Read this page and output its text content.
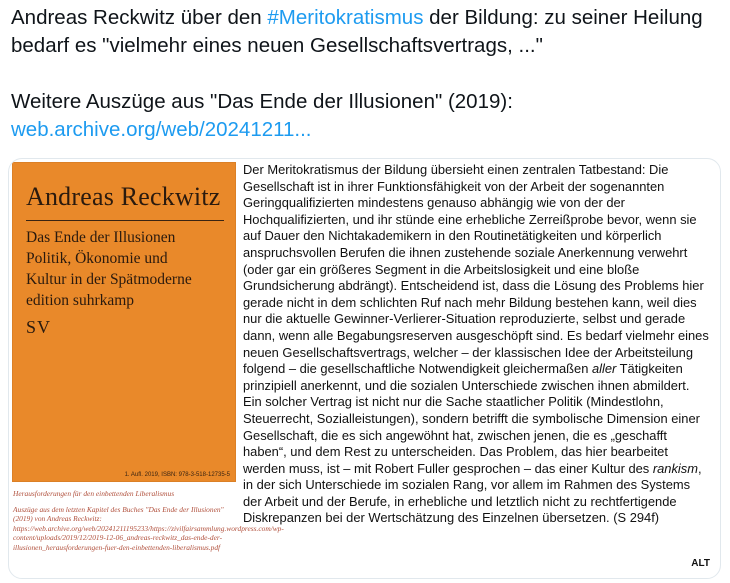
Andreas Reckwitz über den #Meritokratismus der Bildung: zu seiner Heilung bedarf es "vielmehr eines neuen Gesellschaftsvertrags, ..."

Weitere Auszüge aus "Das Ende der Illusionen" (2019): web.archive.org/web/20241211...

Andreas Reckwitz
Das Ende der Illusionen
Politik, Ökonomie und
Kultur in der Spätmoderne
edition suhrkamp
SV
1. Aufl. 2019, ISBN: 978-3-518-12735-5

Herausforderungen für den einbettenden Liberalismus

Auszüge aus dem letzten Kapitel des Buches "Das Ende der Illusionen" (2019) von Andreas Reckwitz: https://web.archive.org/web/20241211195233/https://zivilfairsammlung.wordpress.com/wp-content/uploads/2019/12/2019-12-06_andreas-reckwitz_das-ende-der-illusionen_herausforderungen-fuer-den-einbettenden-liberalismus.pdf

Der Meritokratismus der Bildung übersieht einen zentralen Tatbestand: Die Gesellschaft ist in ihrer Funktionsfähigkeit von der Arbeit der sogenannten Geringqualifizierten mindestens genauso abhängig wie von der der Hochqualifizierten, und ihr stünde eine erhebliche Zerreißprobe bevor, wenn sie auf Dauer den Nichtakademikern in den Routinetätigkeiten und körperlich anspruchsvollen Berufen die ihnen zustehende soziale Anerkennung verwehrt (oder gar ein größeres Segment in die Arbeitslosigkeit und eine bloße Grundsicherung abdrängt). Entscheidend ist, dass die Lösung des Problems hier gerade nicht in dem schlichten Ruf nach mehr Bildung bestehen kann, weil dies nur die aktuelle Gewinner-Verlierer-Situation reproduzierte, selbst und gerade dann, wenn alle Begabungsreserven ausgeschöpft sind. Es bedarf vielmehr eines neuen Gesellschaftsvertrags, welcher – der klassischen Idee der Arbeitsteilung folgend – die gesellschaftliche Notwendigkeit gleichermaßen aller Tätigkeiten prinzipiell anerkennt, und die sozialen Unterschiede zwischen ihnen abmildert. Ein solcher Vertrag ist nicht nur die Sache staatlicher Politik (Mindestlohn, Steuerrecht, Sozialleistungen), sondern betrifft die symbolische Dimension einer Gesellschaft, die es sich angewöhnt hat, zwischen jenen, die es „geschafft haben“, und dem Rest zu unterscheiden. Das Problem, das hier bearbeitet werden muss, ist – mit Robert Fuller gesprochen – das einer Kultur des rankism, in der sich Unterschiede im sozialen Rang, vor allem im Rahmen des Systems der Arbeit und der Berufe, in erhebliche und letztlich nicht zu rechtfertigende Diskrepanzen bei der Wertschätzung des Einzelnen übersetzen. (S 294f)

ALT
